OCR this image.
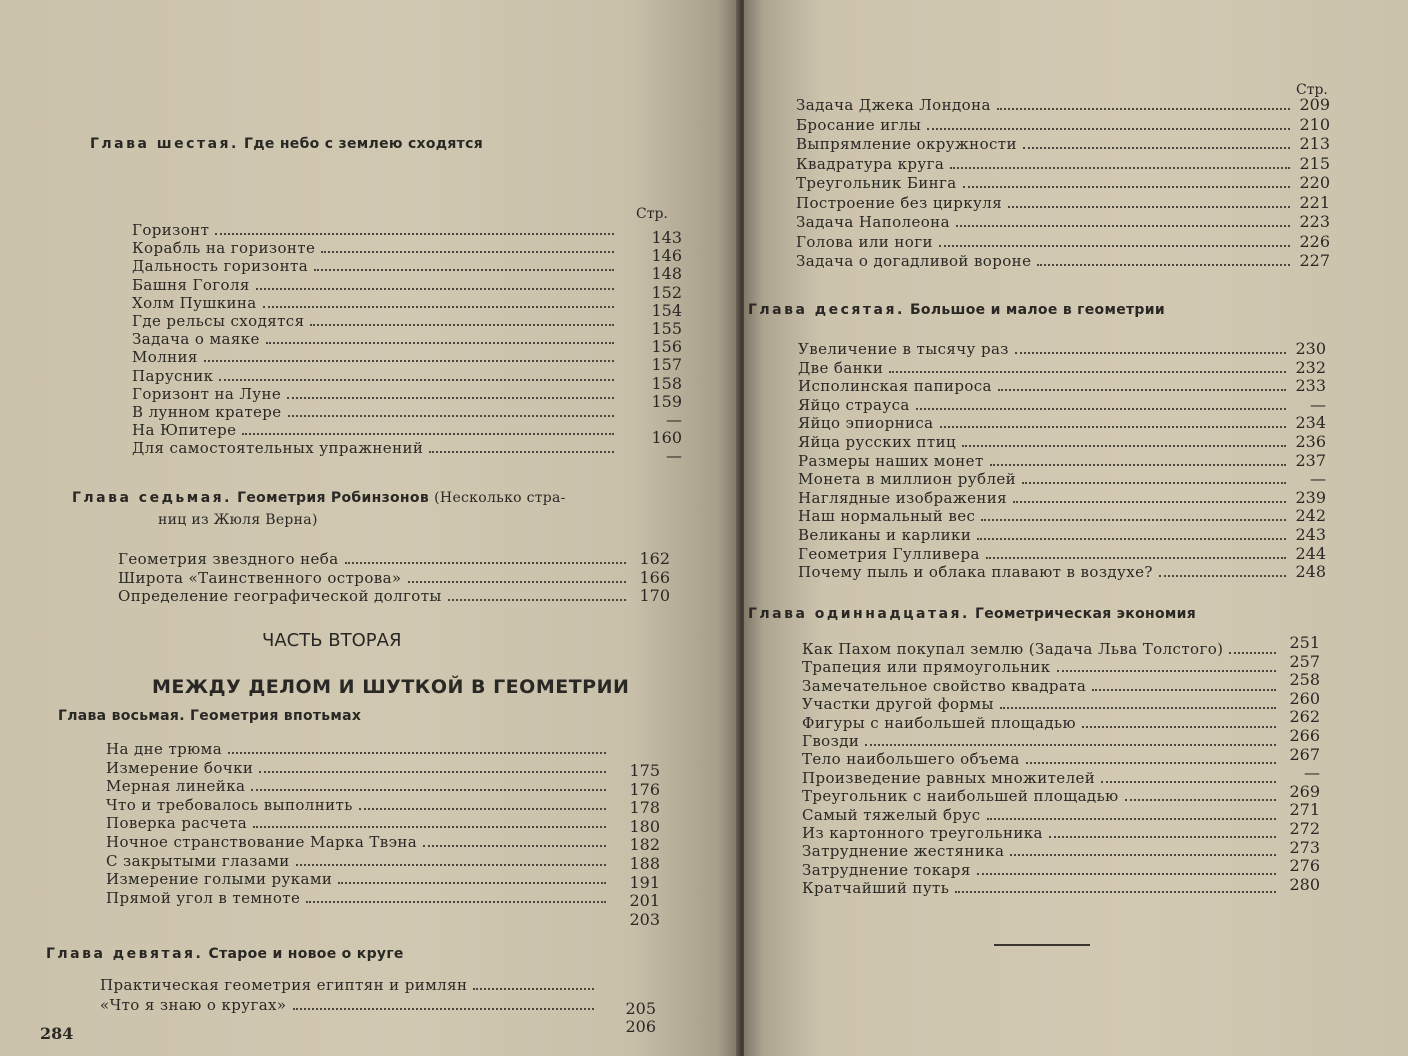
Глава шестая. Где небо с землею сходятся
Стр.
Горизонт
Корабль на горизонте
Дальность горизонта
Башня Гоголя
Холм Пушкина
Где рельсы сходятся
Задача о маяке
Молния
Парусник
Горизонт на Луне
В лунном кратере
На Юпитере
Для самостоятельных упражнений
143
146
148
152
154
155
156
157
158
159
—
160
—
Глава седьмая. Геометрия Робинзонов (Несколько стра-
ниц из Жюля Верна)
Геометрия звездного неба
Широта «Таинственного острова»
Определение географической долготы
162
166
170
ЧАСТЬ ВТОРАЯ
МЕЖДУ ДЕЛОМ И ШУТКОЙ В ГЕОМЕТРИИ
Глава восьмая. Геометрия впотьмах
На дне трюма
Измерение бочки
Мерная линейка
Что и требовалось выполнить
Поверка расчета
Ночное странствование Марка Твэна
С закрытыми глазами
Измерение голыми руками
Прямой угол в темноте
175
176
178
180
182
188
191
201
203
Глава девятая. Старое и новое о круге
Практическая геометрия египтян и римлян
«Что я знаю о кругах»	205
206
284
Стр.
Задача Джека Лондона
Бросание иглы
Выпрямление окружности
Квадратура круга
Треугольник Бинга
Построение без циркуля
Задача Наполеона
Голова или ноги
Задача о догадливой вороне
209
210
213
215
220
221
223
226
227
Глава десятая. Большое и малое в геометрии
Увеличение в тысячу раз
Две банки
Исполинская папироса
Яйцо страуса
Яйцо эпиорниса
Яйца русских птиц
Размеры наших монет
Монета в миллион рублей
Наглядные изображения
Наш нормальный вес
Великаны и карлики
Геометрия Гулливера
Почему пыль и облака плавают в воздухе?
230
232
233
—
234
236
237
—
239
242
243
244
248
Глава одиннадцатая. Геометрическая экономия
Как Пахом покупал землю (Задача Льва Толстого)
Трапеция или прямоугольник
Замечательное свойство квадрата
Участки другой формы
Фигуры с наибольшей площадью
Гвозди
Тело наибольшего объема
Произведение равных множителей
Треугольник с наибольшей площадью
Самый тяжелый брус
Из картонного треугольника
Затруднение жестяника
Затруднение токаря
Кратчайший путь
251
257
258
260
262
266
267
—
269
271
272
273
276
280
